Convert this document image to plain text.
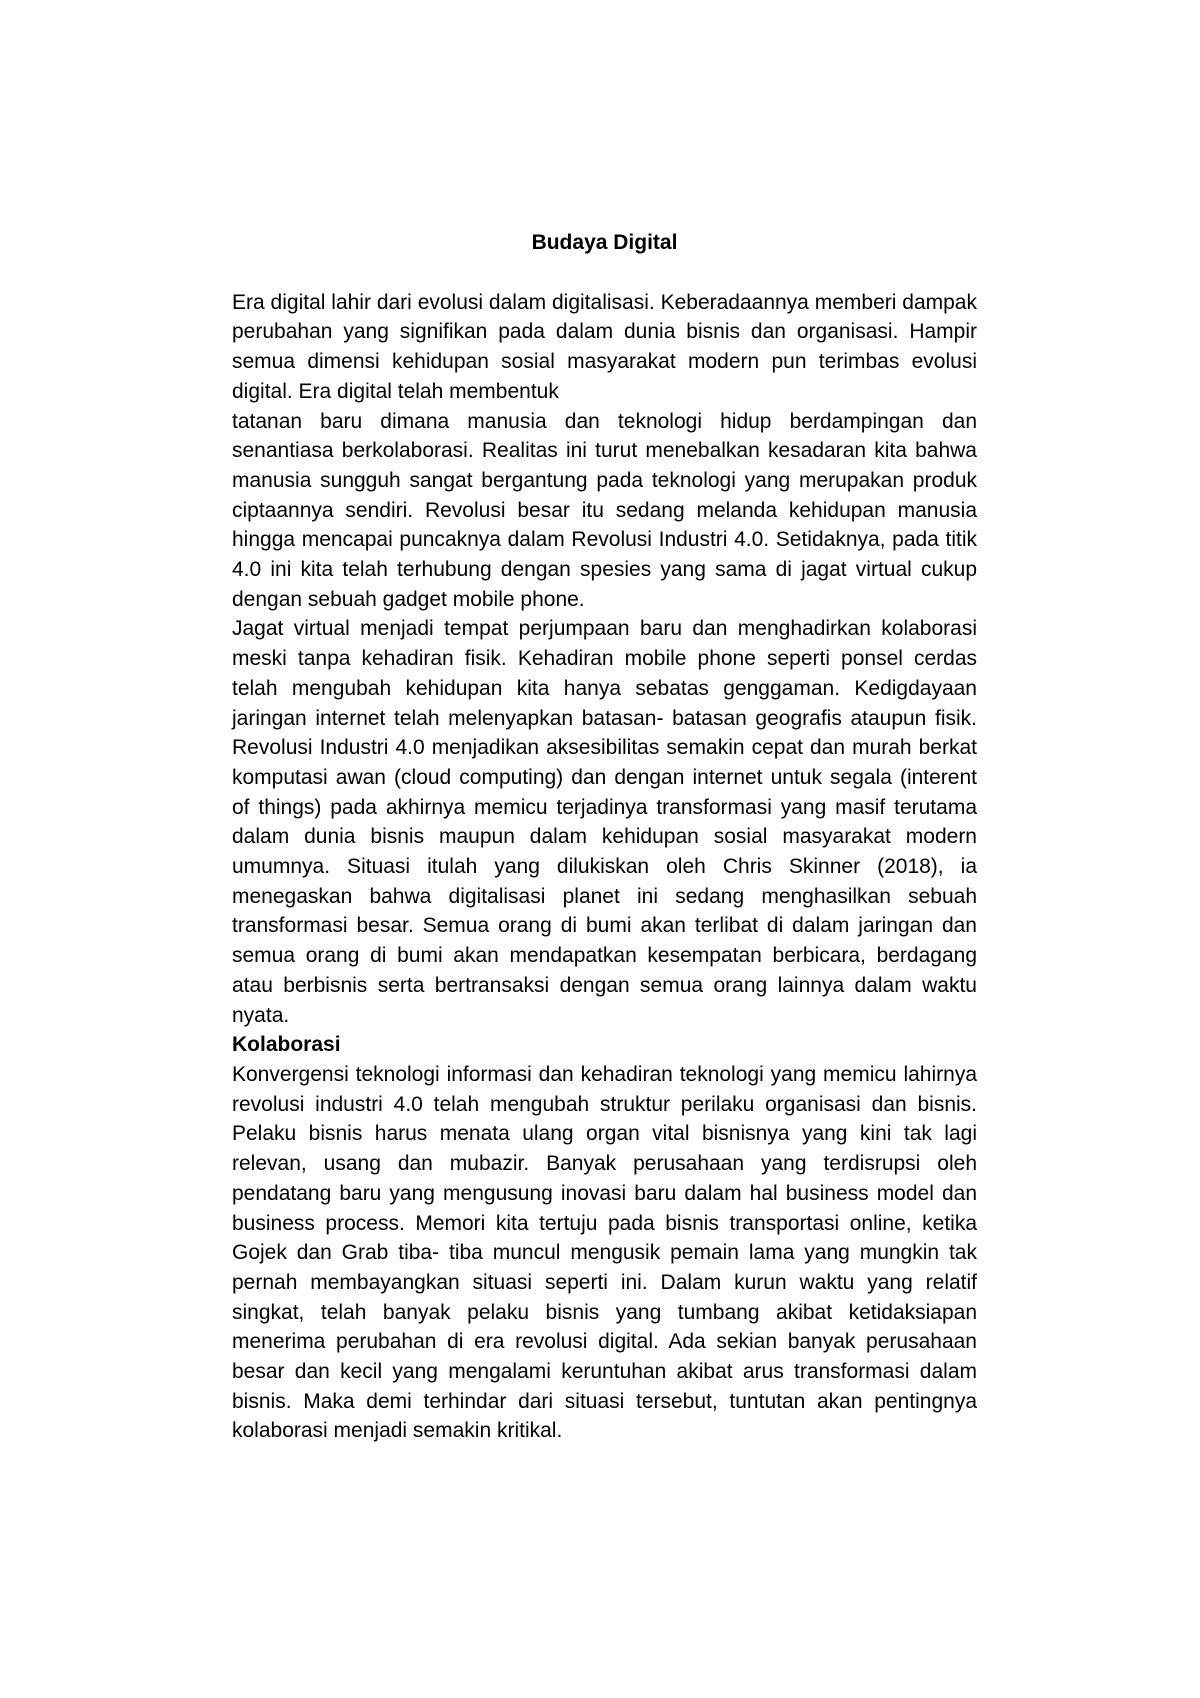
Budaya Digital

Era digital lahir dari evolusi dalam digitalisasi. Keberadaannya memberi dampak perubahan yang signifikan pada dalam dunia bisnis dan organisasi. Hampir semua dimensi kehidupan sosial masyarakat modern pun terimbas evolusi digital. Era digital telah membentuk

tatanan baru dimana manusia dan teknologi hidup berdampingan dan senantiasa berkolaborasi. Realitas ini turut menebalkan kesadaran kita bahwa manusia sungguh sangat bergantung pada teknologi yang merupakan produk ciptaannya sendiri. Revolusi besar itu sedang melanda kehidupan manusia hingga mencapai puncaknya dalam Revolusi Industri 4.0. Setidaknya, pada titik 4.0 ini kita telah terhubung dengan spesies yang sama di jagat virtual cukup dengan sebuah gadget mobile phone.

Jagat virtual menjadi tempat perjumpaan baru dan menghadirkan kolaborasi meski tanpa kehadiran fisik. Kehadiran mobile phone seperti ponsel cerdas telah mengubah kehidupan kita hanya sebatas genggaman. Kedigdayaan jaringan internet telah melenyapkan batasan- batasan geografis ataupun fisik. Revolusi Industri 4.0 menjadikan aksesibilitas semakin cepat dan murah berkat komputasi awan (cloud computing) dan dengan internet untuk segala (interent of things) pada akhirnya memicu terjadinya transformasi yang masif terutama dalam dunia bisnis maupun dalam kehidupan sosial masyarakat modern umumnya. Situasi itulah yang dilukiskan oleh Chris Skinner (2018), ia menegaskan bahwa digitalisasi planet ini sedang menghasilkan sebuah transformasi besar. Semua orang di bumi akan terlibat di dalam jaringan dan semua orang di bumi akan mendapatkan kesempatan berbicara, berdagang atau berbisnis serta bertransaksi dengan semua orang lainnya dalam waktu nyata.

Kolaborasi

Konvergensi teknologi informasi dan kehadiran teknologi yang memicu lahirnya revolusi industri 4.0 telah mengubah struktur perilaku organisasi dan bisnis. Pelaku bisnis harus menata ulang organ vital bisnisnya yang kini tak lagi relevan, usang dan mubazir. Banyak perusahaan yang terdisrupsi oleh pendatang baru yang mengusung inovasi baru dalam hal business model dan business process. Memori kita tertuju pada bisnis transportasi online, ketika Gojek dan Grab tiba- tiba muncul mengusik pemain lama yang mungkin tak pernah membayangkan situasi seperti ini. Dalam kurun waktu yang relatif singkat, telah banyak pelaku bisnis yang tumbang akibat ketidaksiapan menerima perubahan di era revolusi digital. Ada sekian banyak perusahaan besar dan kecil yang mengalami keruntuhan akibat arus transformasi dalam bisnis. Maka demi terhindar dari situasi tersebut, tuntutan akan pentingnya kolaborasi menjadi semakin kritikal.
